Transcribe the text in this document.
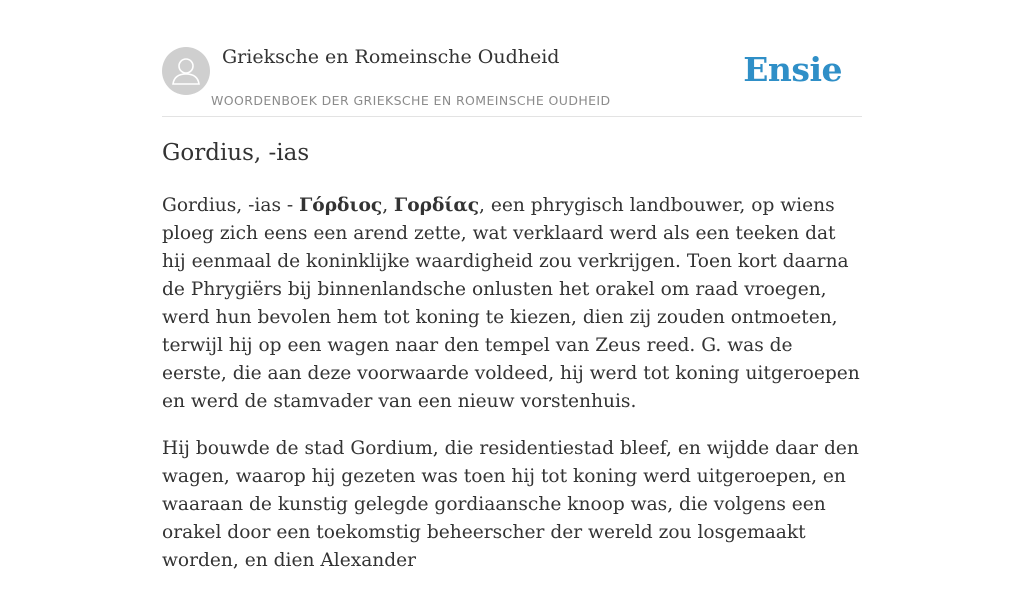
Grieksche en Romeinsche Oudheid
WOORDENBOEK DER GRIEKSCHE EN ROMEINSCHE OUDHEID
Ensie
Gordius, -ias

Gordius, -ias - Γόρδιος, Γορδίας, een phrygisch landbouwer, op wiens ploeg zich eens een arend zette, wat verklaard werd als een teeken dat hij eenmaal de koninklijke waardigheid zou verkrijgen. Toen kort daarna de Phrygiërs bij binnenlandsche onlusten het orakel om raad vroegen, werd hun bevolen hem tot koning te kiezen, dien zij zouden ontmoeten, terwijl hij op een wagen naar den tempel van Zeus reed. G. was de eerste, die aan deze voorwaarde voldeed, hij werd tot koning uitgeroepen en werd de stamvader van een nieuw vorstenhuis.

Hij bouwde de stad Gordium, die residentiestad bleef, en wijdde daar den wagen, waarop hij gezeten was toen hij tot koning werd uitgeroepen, en waaraan de kunstig gelegde gordiaansche knoop was, die volgens een orakel door een toekomstig beheerscher der wereld zou losgemaakt worden, en dien Alexander
